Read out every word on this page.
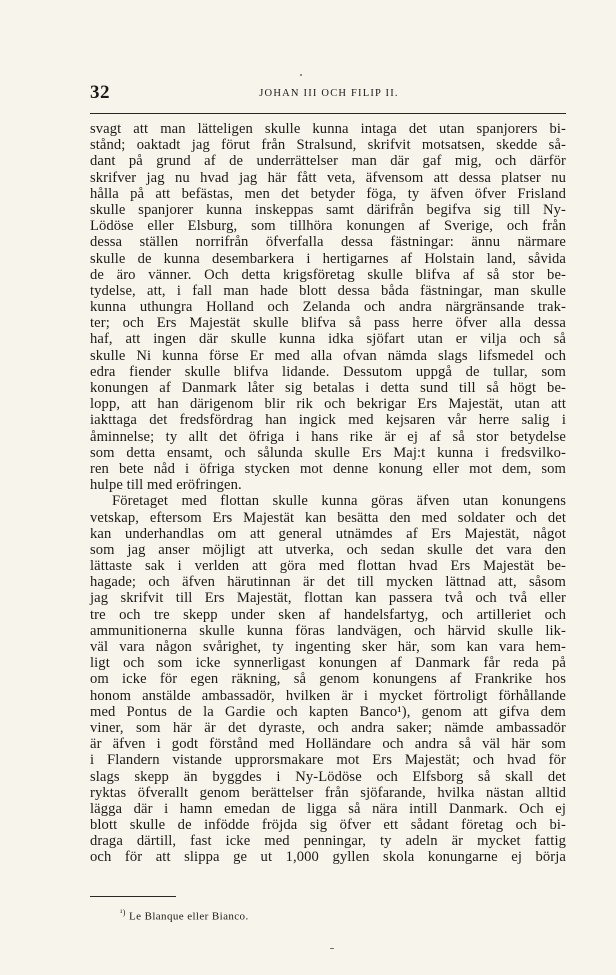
32	JOHAN III OCH FILIP II.
svagt att man lätteligen skulle kunna intaga det utan spanjorers bi-
stånd; oaktadt jag förut från Stralsund, skrifvit motsatsen, skedde så-
dant på grund af de underrättelser man där gaf mig, och därför
skrifver jag nu hvad jag här fått veta, äfvensom att dessa platser nu
hålla på att befästas, men det betyder föga, ty äfven öfver Frisland
skulle spanjorer kunna inskeppas samt därifrån begifva sig till Ny-
Lödöse eller Elsburg, som tillhöra konungen af Sverige, och från
dessa ställen norrifrån öfverfalla dessa fästningar: ännu närmare
skulle de kunna desembarkera i hertigarnes af Holstain land, såvida
de äro vänner. Och detta krigsföretag skulle blifva af så stor be-
tydelse, att, i fall man hade blott dessa båda fästningar, man skulle
kunna uthungra Holland och Zelanda och andra närgränsande trak-
ter; och Ers Majestät skulle blifva så pass herre öfver alla dessa
haf, att ingen där skulle kunna idka sjöfart utan er vilja och så
skulle Ni kunna förse Er med alla ofvan nämda slags lifsmedel och
edra fiender skulle blifva lidande. Dessutom uppgå de tullar, som
konungen af Danmark låter sig betalas i detta sund till så högt be-
lopp, att han därigenom blir rik och bekrigar Ers Majestät, utan att
iakttaga det fredsfördrag han ingick med kejsaren vår herre salig i
åminnelse; ty allt det öfriga i hans rike är ej af så stor betydelse
som detta ensamt, och sålunda skulle Ers Maj:t kunna i fredsvilko-
ren bete nåd i öfriga stycken mot denne konung eller mot dem, som
hulpe till med eröfringen.
Företaget med flottan skulle kunna göras äfven utan konungens
vetskap, eftersom Ers Majestät kan besätta den med soldater och det
kan underhandlas om att general utnämdes af Ers Majestät, något
som jag anser möjligt att utverka, och sedan skulle det vara den
lättaste sak i verlden att göra med flottan hvad Ers Majestät be-
hagade; och äfven härutinnan är det till mycken lättnad att, såsom
jag skrifvit till Ers Majestät, flottan kan passera två och två eller
tre och tre skepp under sken af handelsfartyg, och artilleriet och
ammunitionerna skulle kunna föras landvägen, och härvid skulle lik-
väl vara någon svårighet, ty ingenting sker här, som kan vara hem-
ligt och som icke synnerligast konungen af Danmark får reda på
om icke för egen räkning, så genom konungens af Frankrike hos
honom anstälde ambassadör, hvilken är i mycket förtroligt förhållande
med Pontus de la Gardie och kapten Banco¹), genom att gifva dem
viner, som här är det dyraste, och andra saker; nämde ambassadör
är äfven i godt förstånd med Holländare och andra så väl här som
i Flandern vistande upprorsmakare mot Ers Majestät; och hvad för
slags skepp än byggdes i Ny-Lödöse och Elfsborg så skall det
ryktas öfverallt genom berättelser från sjöfarande, hvilka nästan alltid
lägga där i hamn emedan de ligga så nära intill Danmark. Och ej
blott skulle de infödde fröjda sig öfver ett sådant företag och bi-
draga därtill, fast icke med penningar, ty adeln är mycket fattig
och för att slippa ge ut 1,000 gyllen skola konungarne ej börja
$^{^1)}$ Le Blanque eller Bianco.
